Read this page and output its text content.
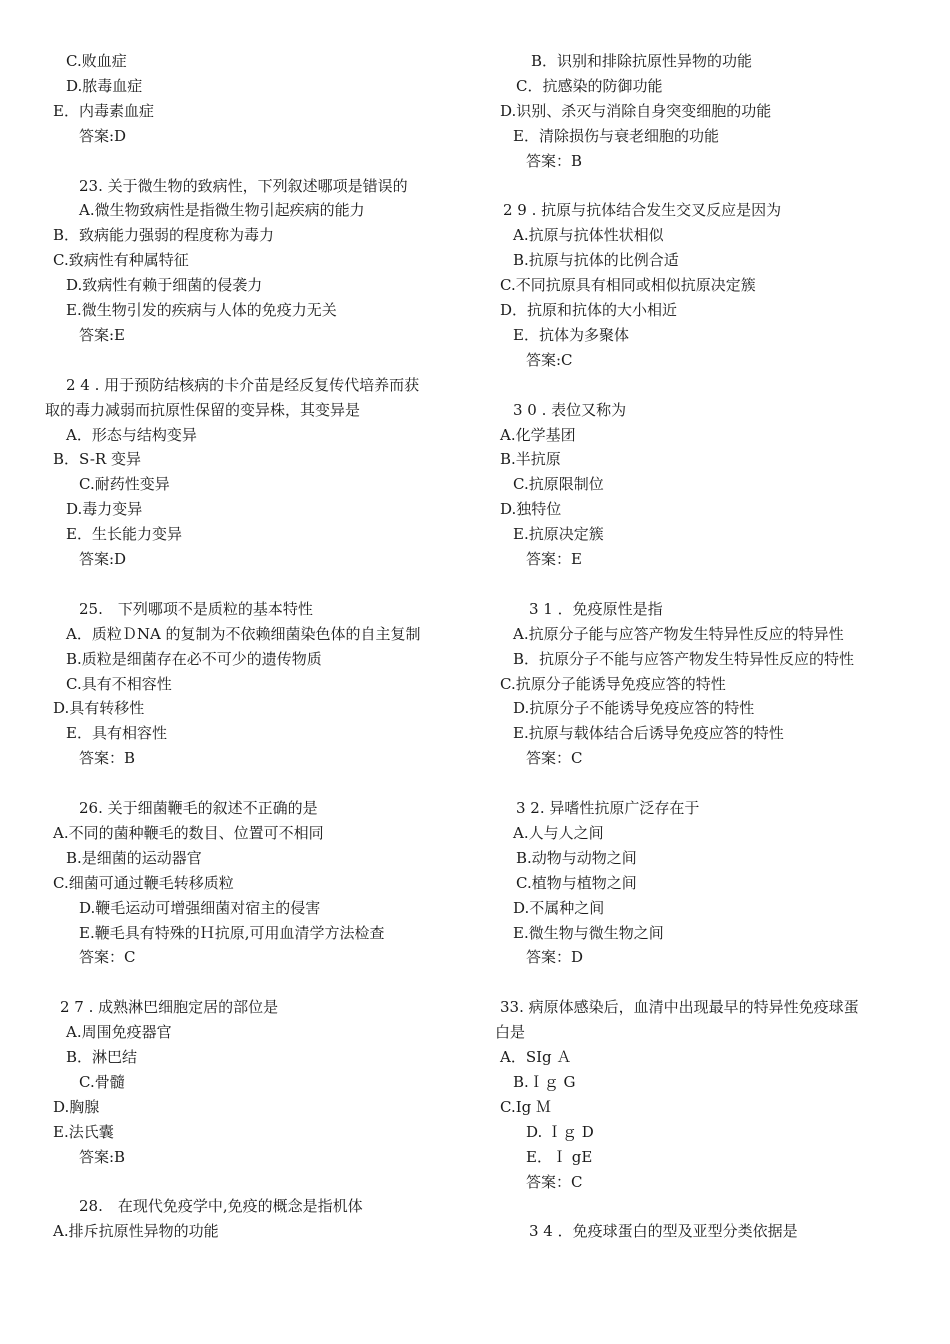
C.败血症
D.脓毒血症
E．内毒素血症
答案:D
23. 关于微生物的致病性，下列叙述哪项是错误的
A.微生物致病性是指微生物引起疾病的能力
B．致病能力强弱的程度称为毒力
C.致病性有种属特征
D.致病性有赖于细菌的侵袭力
E.微生物引发的疾病与人体的免疫力无关
答案:E
2 4 . 用于预防结核病的卡介苗是经反复传代培养而获
取的毒力减弱而抗原性保留的变异株，其变异是
A．形态与结构变异
B．S-R 变异
C.耐药性变异
D.毒力变异
E．生长能力变异
答案:D
25.　下列哪项不是质粒的基本特性
A．质粒ＤNA 的复制为不依赖细菌染色体的自主复制
B.质粒是细菌存在必不可少的遗传物质
C.具有不相容性
D.具有转移性
E．具有相容性
答案：B
26. 关于细菌鞭毛的叙述不正确的是
A.不同的菌种鞭毛的数目、位置可不相同
B.是细菌的运动器官
C.细菌可通过鞭毛转移质粒
D.鞭毛运动可增强细菌对宿主的侵害
E.鞭毛具有特殊的Ｈ抗原,可用血清学方法检查
答案：C
2 7 . 成熟淋巴细胞定居的部位是
A.周围免疫器官
B．淋巴结
C.骨髓
D.胸腺
E.法氏囊
答案:B
28.　在现代免疫学中,免疫的概念是指机体
A.排斥抗原性异物的功能
B．识别和排除抗原性异物的功能
C．抗感染的防御功能
D.识别、杀灭与消除自身突变细胞的功能
E．清除损伤与衰老细胞的功能
答案：B
2 9 . 抗原与抗体结合发生交叉反应是因为
A.抗原与抗体性状相似
B.抗原与抗体的比例合适
C.不同抗原具有相同或相似抗原决定簇
D．抗原和抗体的大小相近
E．抗体为多聚体
答案:C
3 0 . 表位又称为
A.化学基团
B.半抗原
C.抗原限制位
D.独特位
E.抗原决定簇
答案：E
3 1 ．免疫原性是指
A.抗原分子能与应答产物发生特异性反应的特异性
B．抗原分子不能与应答产物发生特异性反应的特性
C.抗原分子能诱导免疫应答的特性
D.抗原分子不能诱导免疫应答的特性
E.抗原与载体结合后诱导免疫应答的特性
答案：C
3 2. 异嗜性抗原广泛存在于
A.人与人之间
B.动物与动物之间
C.植物与植物之间
D.不属种之间
E.微生物与微生物之间
答案：D
33. 病原体感染后，血清中出现最早的特异性免疫球蛋
白是
A．SIg Ａ
B.Ｉｇ G
C.Ig Ｍ
D. Ｉｇ D
E．Ｉ gE
答案：C
3 4 ．免疫球蛋白的型及亚型分类依据是
